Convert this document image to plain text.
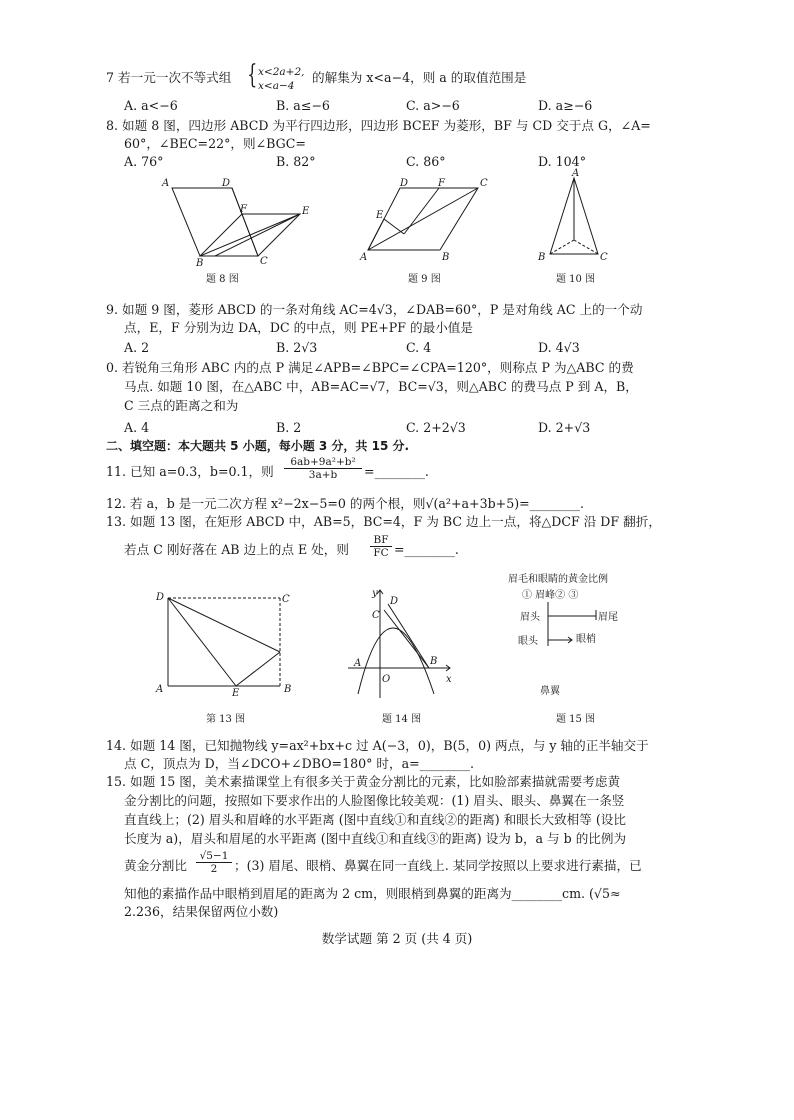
7 若一元一次不等式组 { x<2a+2,
x<a−4
的解集为 x<a−4，则 a 的取值范围是
A. a<−6	B. a≤−6	C. a>−6	D. a≥−6
8. 如题 8 图，四边形 ABCD 为平行四边形，四边形 BCEF 为菱形，BF 与 CD 交于点 G，∠A=
60°，∠BEC=22°，则∠BGC=
A. 76°	B. 82°	C. 86°	D. 104°
A	D
F	E
B	C
题 8 图
D	F	C
E
A	B
题 9 图
A
B	C
题 10 图
9. 如题 9 图，菱形 ABCD 的一条对角线 AC=4√3，∠DAB=60°，P 是对角线 AC 上的一个动
点，E，F 分别为边 DA，DC 的中点，则 PE+PF 的最小值是
A. 2	B. 2√3	C. 4	D. 4√3
0. 若锐角三角形 ABC 内的点 P 满足∠APB=∠BPC=∠CPA=120°，则称点 P 为△ABC 的费
马点. 如题 10 图，在△ABC 中，AB=AC=√7，BC=√3，则△ABC 的费马点 P 到 A，B，
C 三点的距离之和为
A. 4	B. 2	C. 2+2√3	D. 2+√3
二、填空题：本大题共 5 小题，每小题 3 分，共 15 分.
11. 已知 a=0.3，b=0.1，则 $\frac{\text{6ab+9a²+b²}}{3a+b}$ =________.
12. 若 a，b 是一元二次方程 x²−2x−5=0 的两个根，则√(a²+a+3b+5)=________.
13. 如题 13 图，在矩形 ABCD 中，AB=5，BC=4，F 为 BC 边上一点，将△DCF 沿 DF 翻折，
若点 C 刚好落在 AB 边上的点 E 处，则 $\frac{BF}{FC}$ =________.
D	C
A	E	B
第 13 图
y
C
D
A
O
B
x
题 14 图
眉毛和眼睛的黄金比例
① 眉峰② ③
眉头	眉尾
眼头	眼梢
鼻翼
题 15 图
14. 如题 14 图，已知抛物线 y=ax²+bx+c 过 A(−3，0)，B(5，0) 两点，与 y 轴的正半轴交于
点 C，顶点为 D，当∠DCO+∠DBO=180° 时，a=________.
15. 如题 15 图，美术素描课堂上有很多关于黄金分割比的元素，比如脸部素描就需要考虑黄
金分割比的问题，按照如下要求作出的人脸图像比较美观：(1) 眉头、眼头、鼻翼在一条竖
直直线上；(2) 眉头和眉峰的水平距离 (图中直线①和直线②的距离) 和眼长大致相等 (设比
长度为 a)，眉头和眉尾的水平距离 (图中直线①和直线③的距离) 设为 b，a 与 b 的比例为
黄金分割比 $\frac{√5-1}{2}$ ；(3) 眉尾、眼梢、鼻翼在同一直线上. 某同学按照以上要求进行素描，已
知他的素描作品中眼梢到眉尾的距离为 2 cm，则眼梢到鼻翼的距离为________cm. (√5≈
2.236，结果保留两位小数)
数学试题 第 2 页 (共 4 页)
